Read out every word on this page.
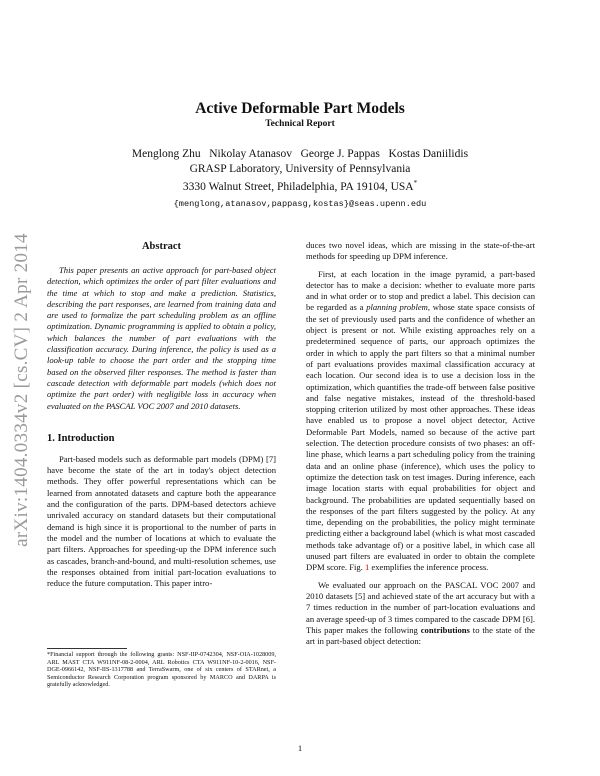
arXiv:1404.0334v2 [cs.CV] 2 Apr 2014

Active Deformable Part Models

Technical Report

Menglong Zhu   Nikolay Atanasov   George J. Pappas   Kostas Daniilidis

GRASP Laboratory, University of Pennsylvania

3330 Walnut Street, Philadelphia, PA 19104, USA*

{menglong,atanasov,pappasg,kostas}@seas.upenn.edu

Abstract

This paper presents an active approach for part-based object detection, which optimizes the order of part filter evaluations and the time at which to stop and make a prediction. Statistics, describing the part responses, are learned from training data and are used to formalize the part scheduling problem as an offline optimization. Dynamic programming is applied to obtain a policy, which balances the number of part evaluations with the classification accuracy. During inference, the policy is used as a look-up table to choose the part order and the stopping time based on the observed filter responses. The method is faster than cascade detection with deformable part models (which does not optimize the part order) with negligible loss in accuracy when evaluated on the PASCAL VOC 2007 and 2010 datasets.

1. Introduction

Part-based models such as deformable part models (DPM) [7] have become the state of the art in today's object detection methods. They offer powerful representations which can be learned from annotated datasets and capture both the appearance and the configuration of the parts. DPM-based detectors achieve unrivaled accuracy on standard datasets but their computational demand is high since it is proportional to the number of parts in the model and the number of locations at which to evaluate the part filters. Approaches for speeding-up the DPM inference such as cascades, branch-and-bound, and multi-resolution schemes, use the responses obtained from initial part-location evaluations to reduce the future computation. This paper intro-

duces two novel ideas, which are missing in the state-of-the-art methods for speeding up DPM inference.

First, at each location in the image pyramid, a part-based detector has to make a decision: whether to evaluate more parts and in what order or to stop and predict a label. This decision can be regarded as a planning problem, whose state space consists of the set of previously used parts and the confidence of whether an object is present or not. While existing approaches rely on a predetermined sequence of parts, our approach optimizes the order in which to apply the part filters so that a minimal number of part evaluations provides maximal classification accuracy at each location. Our second idea is to use a decision loss in the optimization, which quantifies the trade-off between false positive and false negative mistakes, instead of the threshold-based stopping criterion utilized by most other approaches. These ideas have enabled us to propose a novel object detector, Active Deformable Part Models, named so because of the active part selection. The detection procedure consists of two phases: an off-line phase, which learns a part scheduling policy from the training data and an online phase (inference), which uses the policy to optimize the detection task on test images. During inference, each image location starts with equal probabilities for object and background. The probabilities are updated sequentially based on the responses of the part filters suggested by the policy. At any time, depending on the probabilities, the policy might terminate predicting either a background label (which is what most cascaded methods take advantage of) or a positive label, in which case all unused part filters are evaluated in order to obtain the complete DPM score. Fig. 1 exemplifies the inference process.

We evaluated our approach on the PASCAL VOC 2007 and 2010 datasets [5] and achieved state of the art accuracy but with a 7 times reduction in the number of part-location evaluations and an average speed-up of 3 times compared to the cascade DPM [6]. This paper makes the following contributions to the state of the art in part-based object detection:

*Financial support through the following grants: NSF-IIP-0742304, NSF-OIA-1028009, ARL MAST CTA W911NF-08-2-0004, ARL Robotics CTA W911NF-10-2-0016, NSF-DGE-0966142, NSF-IIS-1317788 and TerraSwarm, one of six centers of STARnet, a Semiconductor Research Corporation program sponsored by MARCO and DARPA is gratefully acknowledged.
1
